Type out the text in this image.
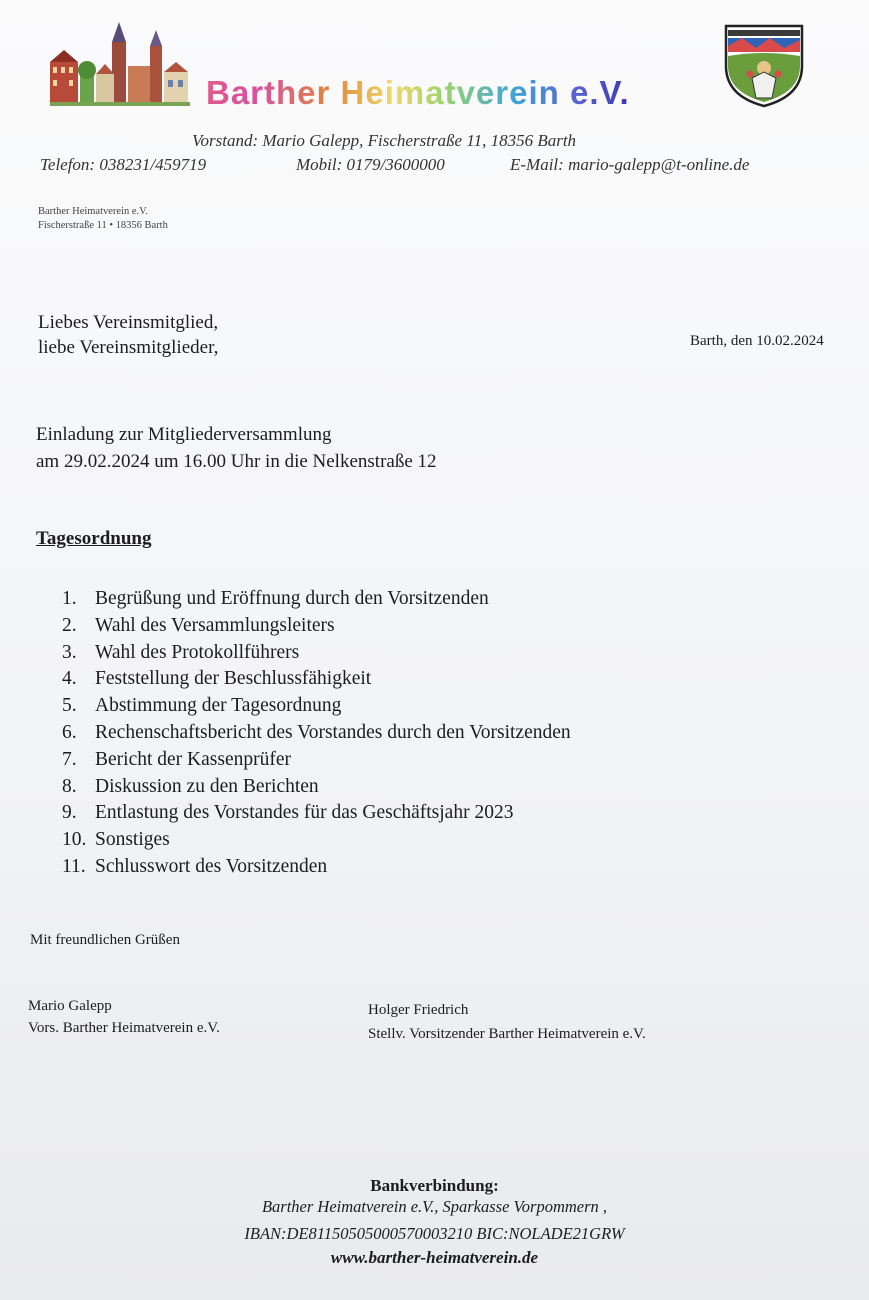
Barther Heimatverein e.V.
Vorstand: Mario Galepp, Fischerstraße 11, 18356 Barth
Telefon: 038231/459719	Mobil: 0179/3600000	E-Mail: mario-galepp@t-online.de
Barther Heimatverein e.V.
Fischerstraße 11 • 18356 Barth
Liebes Vereinsmitglied,
liebe Vereinsmitglieder,	Barth, den 10.02.2024
Einladung zur Mitgliederversammlung
am 29.02.2024 um 16.00 Uhr in die Nelkenstraße 12
Tagesordnung
1. Begrüßung und Eröffnung durch den Vorsitzenden
2. Wahl des Versammlungsleiters
3. Wahl des Protokollführers
4. Feststellung der Beschlussfähigkeit
5. Abstimmung der Tagesordnung
6. Rechenschaftsbericht des Vorstandes durch den Vorsitzenden
7. Bericht der Kassenprüfer
8. Diskussion zu den Berichten
9. Entlastung des Vorstandes für das Geschäftsjahr 2023
10. Sonstiges
11. Schlusswort des Vorsitzenden
Mit freundlichen Grüßen
Mario Galepp
Vors. Barther Heimatverein e.V.
Holger Friedrich
Stellv. Vorsitzender Barther Heimatverein e.V.
Bankverbindung:
Barther Heimatverein e.V., Sparkasse Vorpommern ,
IBAN:DE81150505000570003210 BIC:NOLADE21GRW
www.barther-heimatverein.de
